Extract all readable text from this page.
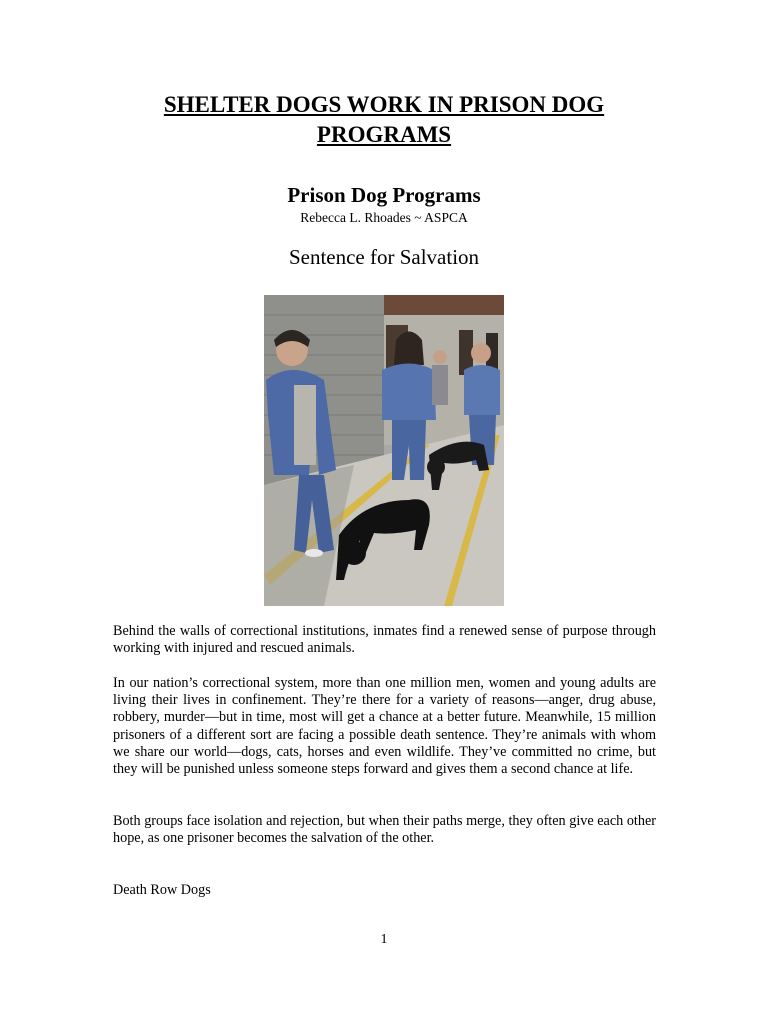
SHELTER DOGS WORK IN PRISON DOG PROGRAMS
Prison Dog Programs
Rebecca L. Rhoades ~ ASPCA
Sentence for Salvation

Behind the walls of correctional institutions, inmates find a renewed sense of purpose through working with injured and rescued animals.

In our nation’s correctional system, more than one million men, women and young adults are living their lives in confinement. They’re there for a variety of reasons—anger, drug abuse, robbery, murder—but in time, most will get a chance at a better future. Meanwhile, 15 million prisoners of a different sort are facing a possible death sentence. They’re animals with whom we share our world—dogs, cats, horses and even wildlife. They’ve committed no crime, but they will be punished unless someone steps forward and gives them a second chance at life.

Both groups face isolation and rejection, but when their paths merge, they often give each other hope, as one prisoner becomes the salvation of the other.

Death Row Dogs
1
